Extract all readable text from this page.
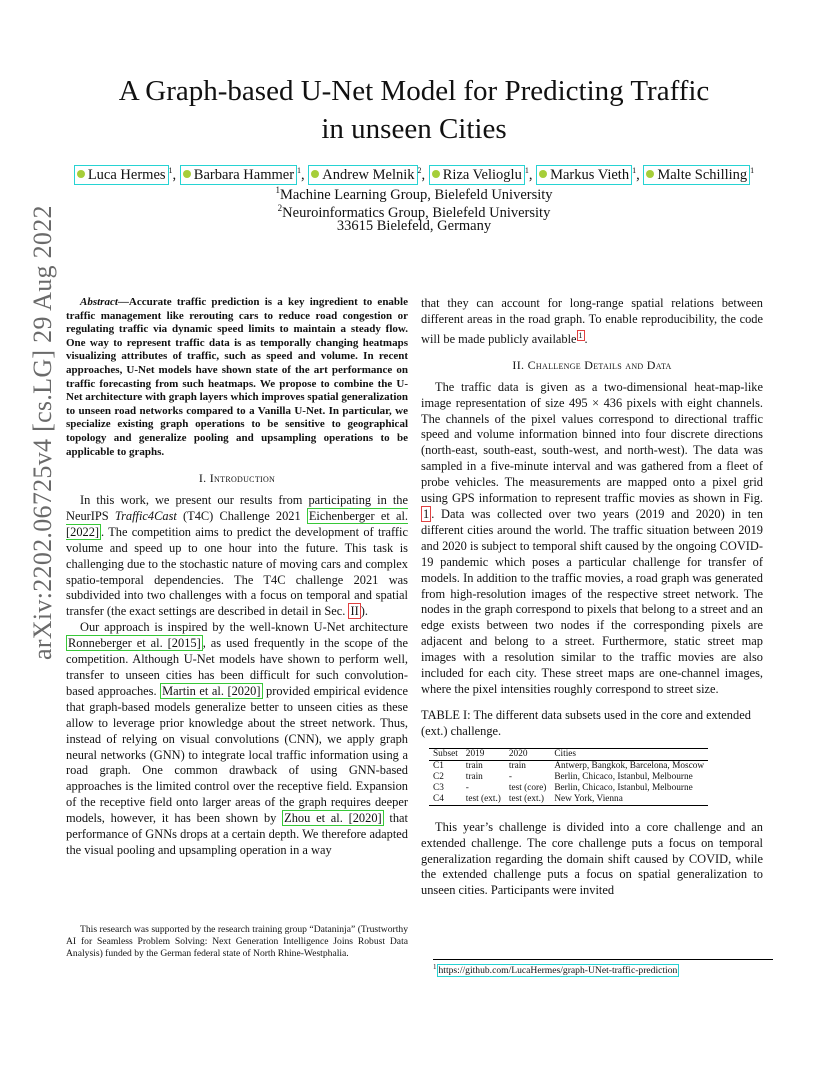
arXiv:2202.06725v4 [cs.LG] 29 Aug 2022
A Graph-based U-Net Model for Predicting Traffic
in unseen Cities
Luca Hermes $^1$, Barbara Hammer $^1$, Andrew Melnik $^2$, Riza Velioglu $^1$, Markus Vieth $^1$, Malte Schilling $^1$
$^1$Machine Learning Group, Bielefeld University
$^2$Neuroinformatics Group, Bielefeld University
33615 Bielefeld, Germany

Abstract—Accurate traffic prediction is a key ingredient to enable traffic management like rerouting cars to reduce road congestion or regulating traffic via dynamic speed limits to maintain a steady flow. One way to represent traffic data is as temporally changing heatmaps visualizing attributes of traffic, such as speed and volume. In recent approaches, U-Net models have shown state of the art performance on traffic forecasting from such heatmaps. We propose to combine the U-Net architecture with graph layers which improves spatial generalization to unseen road networks compared to a Vanilla U-Net. In particular, we specialize existing graph operations to be sensitive to geographical topology and generalize pooling and upsampling operations to be applicable to graphs.

I. Introduction

In this work, we present our results from participating in the NeurIPS Traffic4Cast (T4C) Challenge 2021 Eichenberger et al. [2022] . The competition aims to predict the development of traffic volume and speed up to one hour into the future. This task is challenging due to the stochastic nature of moving cars and complex spatio-temporal dependencies. The T4C challenge 2021 was subdivided into two challenges with a focus on temporal and spatial transfer (the exact settings are described in detail in Sec. II ).

Our approach is inspired by the well-known U-Net architecture Ronneberger et al. [2015] , as used frequently in the scope of the competition. Although U-Net models have shown to perform well, transfer to unseen cities has been difficult for such convolution-based approaches. Martin et al. [2020] provided empirical evidence that graph-based models generalize better to unseen cities as these allow to leverage prior knowledge about the street network. Thus, instead of relying on visual convolutions (CNN), we apply graph neural networks (GNN) to integrate local traffic information using a road graph. One common drawback of using GNN-based approaches is the limited control over the receptive field. Expansion of the receptive field onto larger areas of the graph requires deeper models, however, it has been shown by Zhou et al. [2020] that performance of GNNs drops at a certain depth. We therefore adapted the visual pooling and upsampling operation in a way

This research was supported by the research training group “Dataninja” (Trustworthy AI for Seamless Problem Solving: Next Generation Intelligence Joins Robust Data Analysis) funded by the German federal state of North Rhine-Westphalia.

that they can account for long-range spatial relations between different areas in the road graph. To enable reproducibility, the code will be made publicly available $^1$ .

II. Challenge Details and Data

The traffic data is given as a two-dimensional heat-map-like image representation of size 495 × 436 pixels with eight channels. The channels of the pixel values correspond to directional traffic speed and volume information binned into four discrete directions (north-east, south-east, south-west, and north-west). The data was sampled in a five-minute interval and was gathered from a fleet of probe vehicles. The measurements are mapped onto a pixel grid using GPS information to represent traffic movies as shown in Fig. 1 . Data was collected over two years (2019 and 2020) in ten different cities around the world. The traffic situation between 2019 and 2020 is subject to temporal shift caused by the ongoing COVID-19 pandemic which poses a particular challenge for transfer of models. In addition to the traffic movies, a road graph was generated from high-resolution images of the respective street network. The nodes in the graph correspond to pixels that belong to a street and an edge exists between two nodes if the corresponding pixels are adjacent and belong to a street. Furthermore, static street map images with a resolution similar to the traffic movies are also included for each city. These street maps are one-channel images, where the pixel intensities roughly correspond to street size.

TABLE I: The different data subsets used in the core and extended (ext.) challenge.

Subset	2019	2020	Cities
C1	train	train	Antwerp, Bangkok, Barcelona, Moscow
C2	train	-	Berlin, Chicaco, Istanbul, Melbourne
C3	-	test (core)	Berlin, Chicaco, Istanbul, Melbourne
C4	test (ext.)	test (ext.)	New York, Vienna

This year’s challenge is divided into a core challenge and an extended challenge. The core challenge puts a focus on temporal generalization regarding the domain shift caused by COVID, while the extended challenge puts a focus on spatial generalization to unseen cities. Participants were invited

$^1$ https://github.com/LucaHermes/graph-UNet-traffic-prediction
